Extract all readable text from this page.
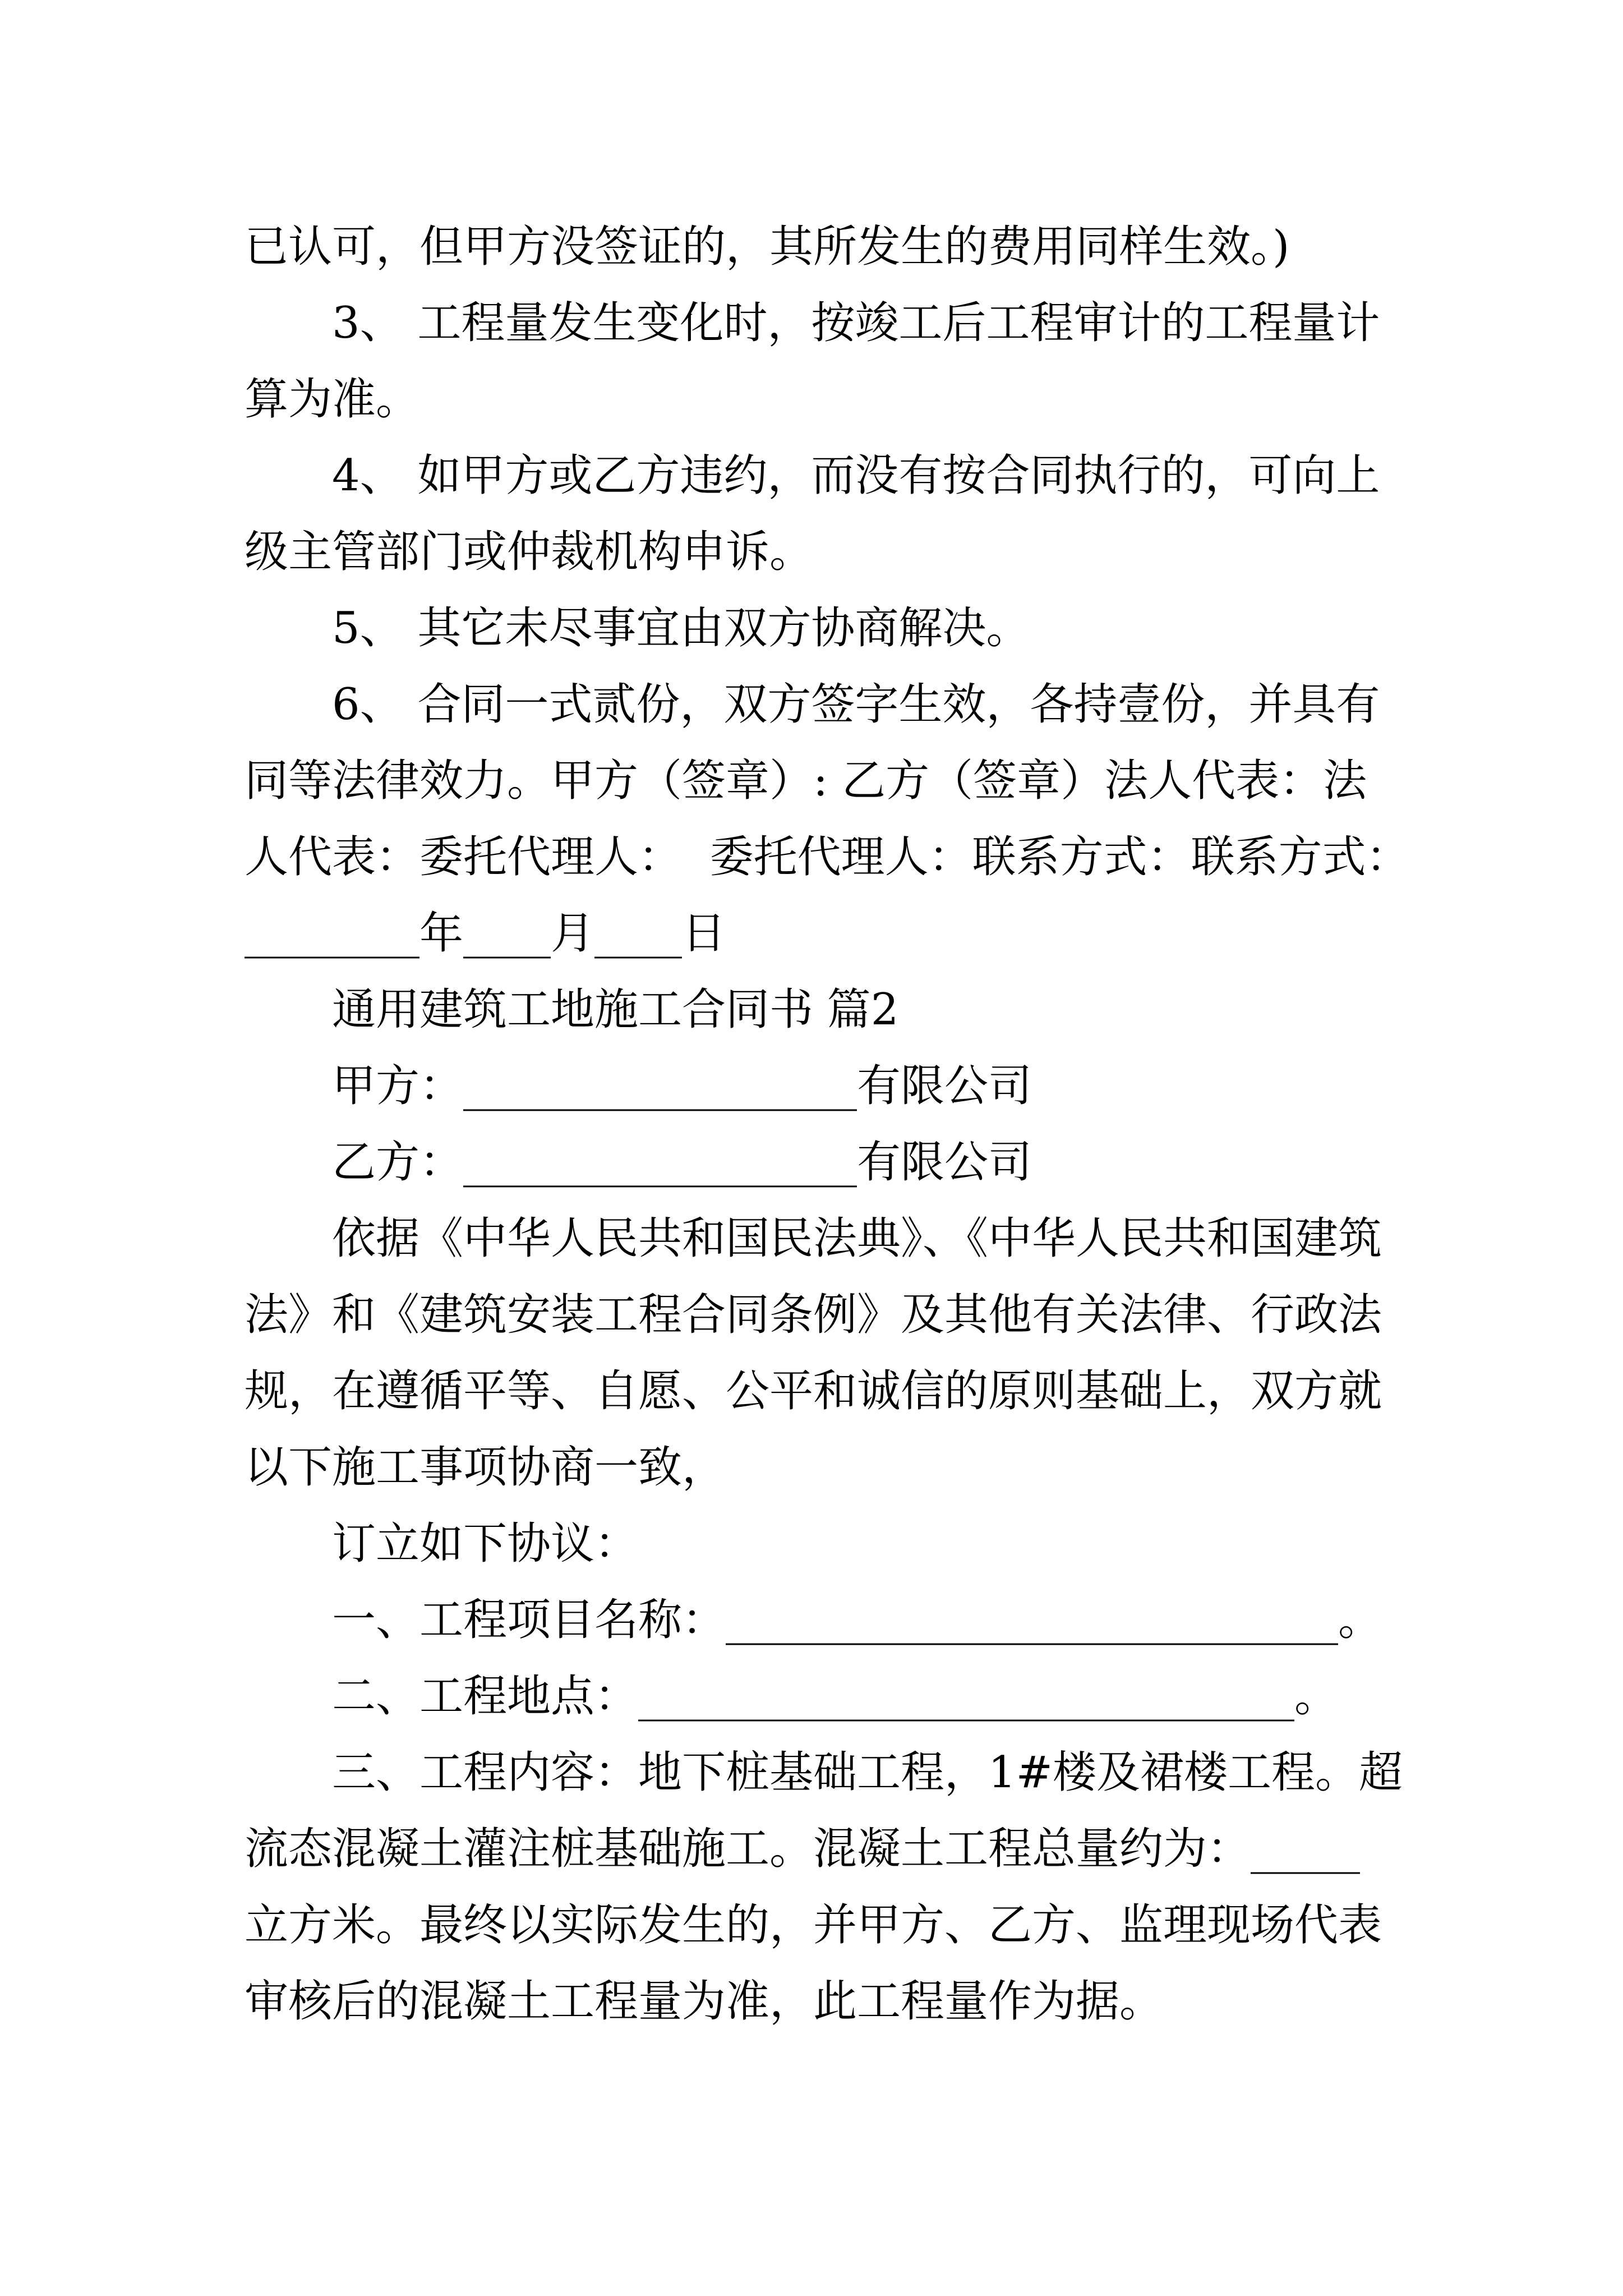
已认可，但甲方没签证的，其所发生的费用同样生效。)
3、 工程量发生变化时，按竣工后工程审计的工程量计
算为准。
4、 如甲方或乙方违约，而没有按合同执行的，可向上
级主管部门或仲裁机构申诉。
5、 其它未尽事宜由双方协商解决。
6、 合同一式贰份，双方签字生效，各持壹份，并具有
同等法律效力。甲方（签章）: 乙方（签章）法人代表：法
人代表：委托代理人：  委托代理人：联系方式：联系方式：
________年____月____日
通用建筑工地施工合同书 篇2
甲方：__________________有限公司
乙方：__________________有限公司
依据《中华人民共和国民法典》、《中华人民共和国建筑
法》和《建筑安装工程合同条例》及其他有关法律、行政法
规，在遵循平等、自愿、公平和诚信的原则基础上，双方就
以下施工事项协商一致，
订立如下协议：
一、工程项目名称：____________________________。
二、工程地点：______________________________。
三、工程内容：地下桩基础工程，1#楼及裙楼工程。超
流态混凝土灌注桩基础施工。混凝土工程总量约为：_____
立方米。最终以实际发生的，并甲方、乙方、监理现场代表
审核后的混凝土工程量为准，此工程量作为据。
